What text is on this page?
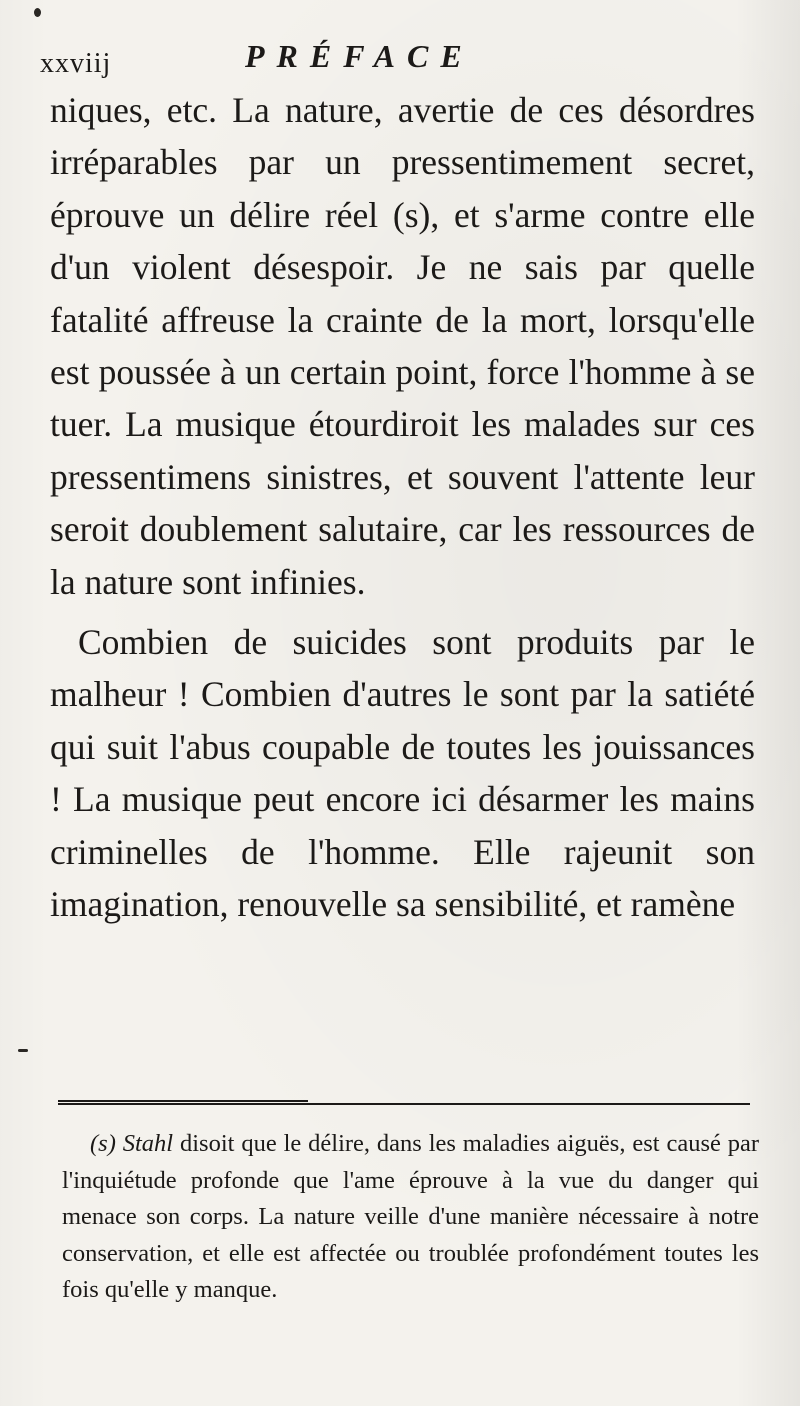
xxviij	PRÉFACE

niques, etc. La nature, avertie de ces désordres irréparables par un pressentimement secret, éprouve un délire réel (s), et s'arme contre elle d'un violent désespoir. Je ne sais par quelle fatalité affreuse la crainte de la mort, lorsqu'elle est poussée à un certain point, force l'homme à se tuer. La musique étourdiroit les malades sur ces pressentimens sinistres, et souvent l'attente leur seroit doublement salutaire, car les ressources de la nature sont infinies.

Combien de suicides sont produits par le malheur ! Combien d'autres le sont par la satiété qui suit l'abus coupable de toutes les jouissances ! La musique peut encore ici désarmer les mains criminelles de l'homme. Elle rajeunit son imagination, renouvelle sa sensibilité, et ramène

(s) Stahl disoit que le délire, dans les maladies aiguës, est causé par l'inquiétude profonde que l'ame éprouve à la vue du danger qui menace son corps. La nature veille d'une manière nécessaire à notre conservation, et elle est affectée ou troublée profondément toutes les fois qu'elle y manque.
